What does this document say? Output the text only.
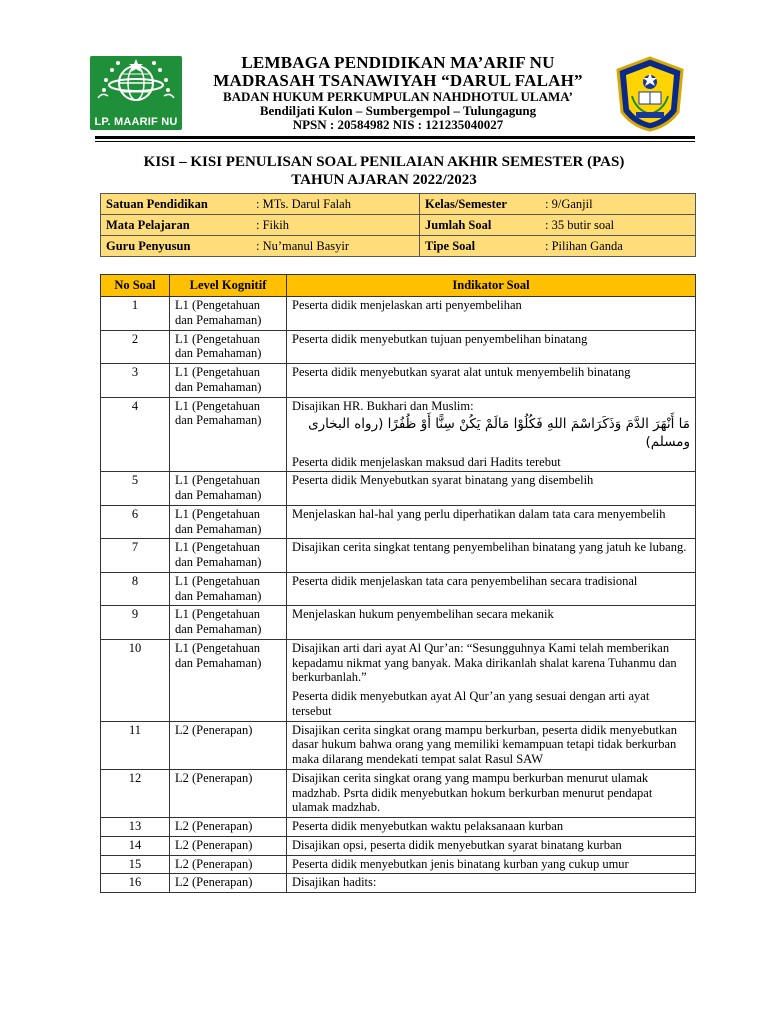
LP. MAARIF NU
LEMBAGA PENDIDIKAN MA’ARIF NU
MADRASAH TSANAWIYAH “DARUL FALAH”
BADAN HUKUM PERKUMPULAN NAHDHOTUL ULAMA’
Bendiljati Kulon – Sumbergempol – Tulungagung
NPSN : 20584982 NIS : 121235040027
KISI – KISI PENULISAN SOAL PENILAIAN AKHIR SEMESTER (PAS)
TAHUN AJARAN 2022/2023
Satuan Pendidikan	: MTs. Darul Falah	Kelas/Semester	: 9/Ganjil
Mata Pelajaran	: Fikih	Jumlah Soal	: 35 butir soal
Guru Penyusun	: Nu’manul Basyir	Tipe Soal	: Pilihan Ganda
No Soal	Level Kognitif	Indikator Soal
1	L1 (Pengetahuan dan Pemahaman)	Peserta didik menjelaskan arti penyembelihan
2	L1 (Pengetahuan dan Pemahaman)	Peserta didik menyebutkan tujuan penyembelihan binatang
3	L1 (Pengetahuan dan Pemahaman)	Peserta didik menyebutkan syarat alat untuk menyembelih binatang
4	L1 (Pengetahuan dan Pemahaman)	Disajikan HR. Bukhari dan Muslim:
مَا أَنْهَرَ الدَّمَ وَذَكَرَاسْمَ اللهِ فَكُلُوْا مَالَمْ يَكُنْ سِنًّا أَوْ ظُفُرًا (رواه البخارى ومسلم)
Peserta didik menjelaskan maksud dari Hadits terebut

5	L1 (Pengetahuan dan Pemahaman)	Peserta didik Menyebutkan syarat binatang yang disembelih
6	L1 (Pengetahuan dan Pemahaman)	Menjelaskan hal-hal yang perlu diperhatikan dalam tata cara menyembelih
7	L1 (Pengetahuan dan Pemahaman)	Disajikan cerita singkat tentang penyembelihan binatang yang jatuh ke lubang.
8	L1 (Pengetahuan dan Pemahaman)	Peserta didik menjelaskan tata cara penyembelihan secara tradisional
9	L1 (Pengetahuan dan Pemahaman)	Menjelaskan hukum penyembelihan secara mekanik
10	L1 (Pengetahuan dan Pemahaman)	Disajikan arti dari ayat Al Qur’an: “Sesungguhnya Kami telah memberikan kepadamu nikmat yang banyak. Maka dirikanlah shalat karena Tuhanmu dan berkurbanlah.”
Peserta didik menyebutkan ayat Al Qur’an yang sesuai dengan arti ayat tersebut

11	L2 (Penerapan)	Disajikan cerita singkat orang mampu berkurban, peserta didik menyebutkan dasar hukum bahwa orang yang memiliki kemampuan tetapi tidak berkurban maka dilarang mendekati tempat salat Rasul SAW
12	L2 (Penerapan)	Disajikan cerita singkat orang yang mampu berkurban menurut ulamak madzhab. Psrta didik menyebutkan hokum berkurban menurut pendapat ulamak madzhab.
13	L2 (Penerapan)	Peserta didik menyebutkan waktu pelaksanaan kurban
14	L2 (Penerapan)	Disajikan opsi, peserta didik menyebutkan syarat binatang kurban
15	L2 (Penerapan)	Peserta didik menyebutkan jenis binatang kurban yang cukup umur
16	L2 (Penerapan)	Disajikan hadits:
